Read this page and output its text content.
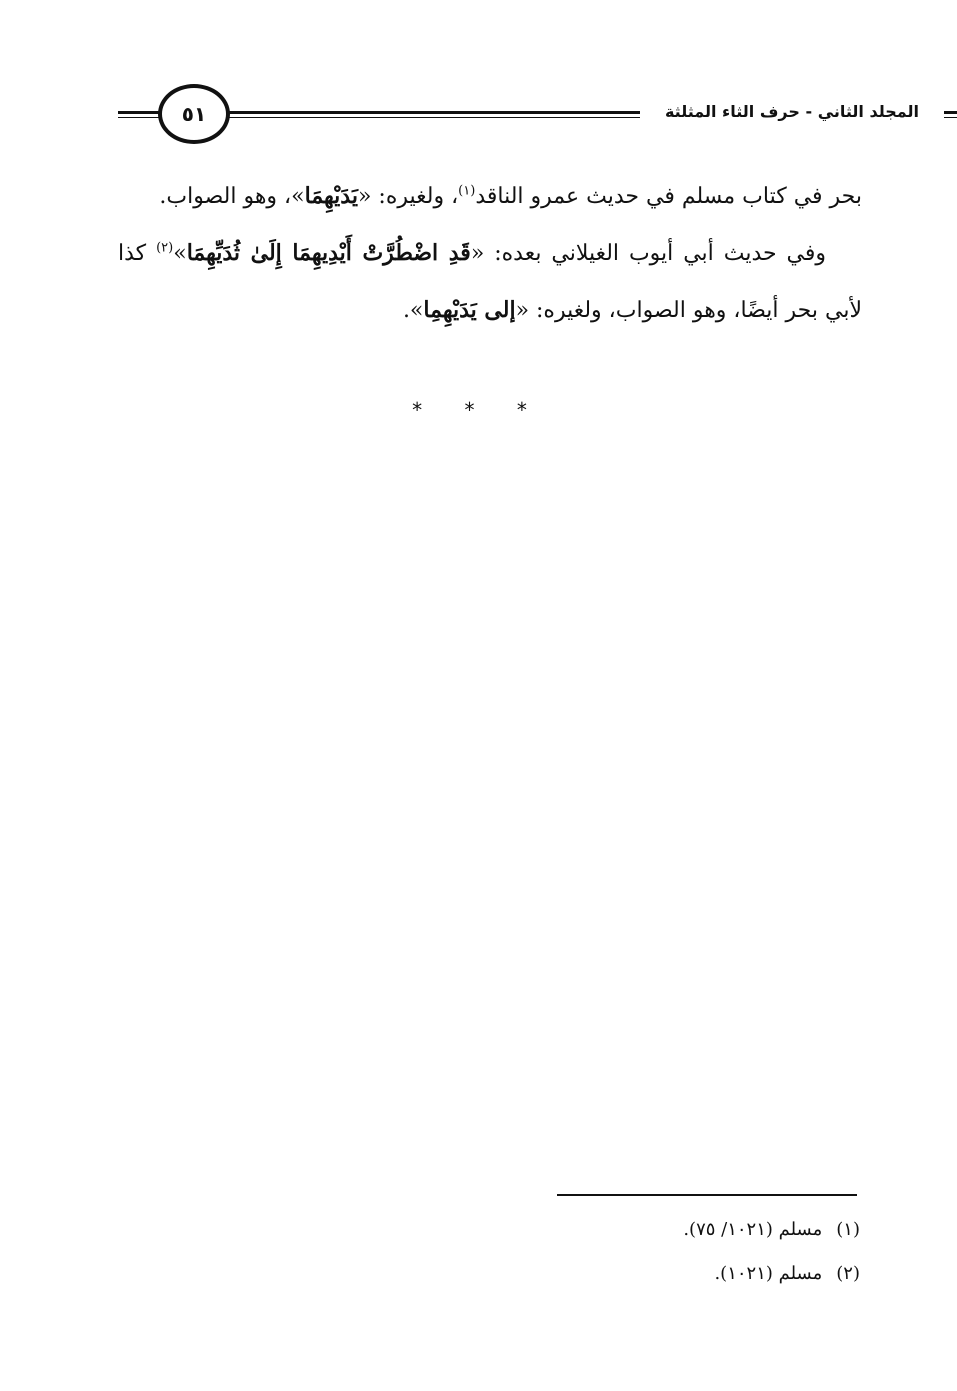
٥١	المجلد الثاني - حرف الثاء المثلثة

بحر في كتاب مسلم في حديث عمرو الناقد$^{(١)}$، ولغيره: «يَدَيْهِمَا»، وهو الصواب.

وفي حديث أبي أيوب الغيلاني بعده: «قَدِ اضْطُرَّتْ أَيْدِيهِمَا إِلَىٰ ثُدَيِّهِمَا»$^{(٢)}$ كذا لأبي بحر أيضًا، وهو الصواب، ولغيره: «إلى يَدَيْهِمِا».

* * *
(١)مسلم (١٠٢١/ ٧٥).
(٢)مسلم (١٠٢١).
